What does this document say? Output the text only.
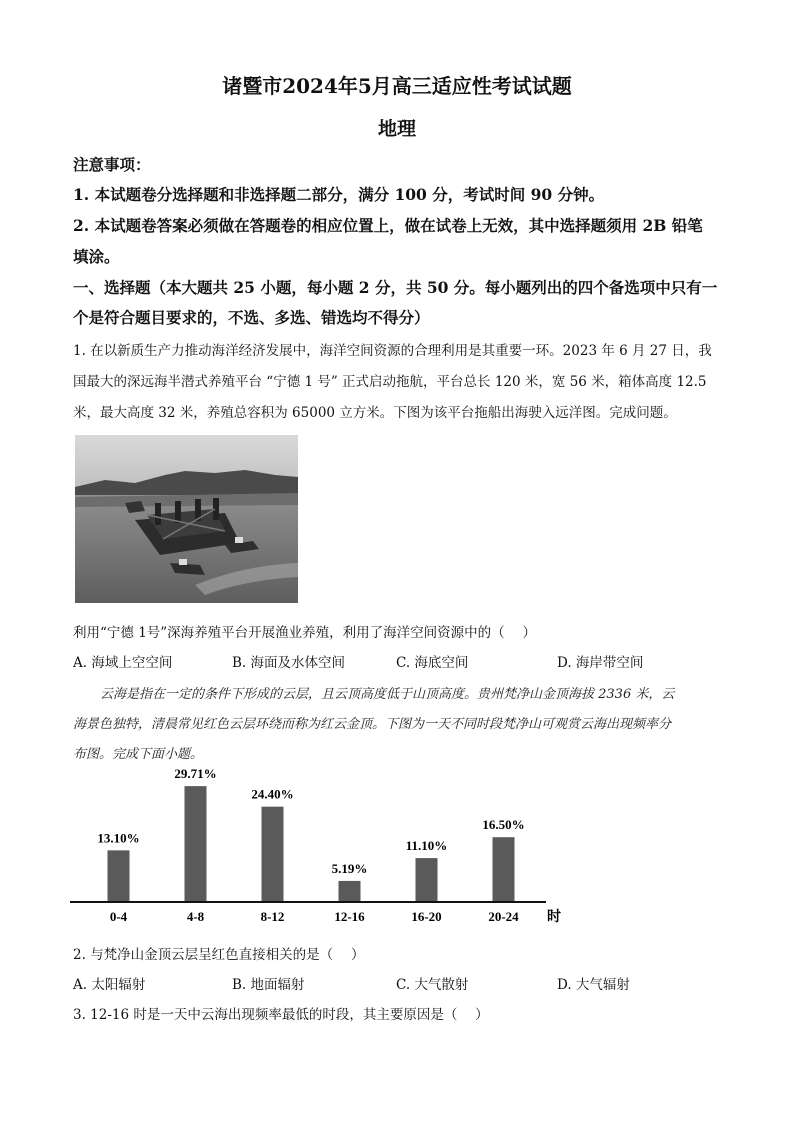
诸暨市2024年5月高三适应性考试试题
地理
注意事项：
1. 本试题卷分选择题和非选择题二部分，满分 100 分，考试时间 90 分钟。
2. 本试题卷答案必须做在答题卷的相应位置上，做在试卷上无效，其中选择题须用 2B 铅笔
填涂。
一、选择题（本大题共 25 小题，每小题 2 分，共 50 分。每小题列出的四个备选项中只有一
个是符合题目要求的，不选、多选、错选均不得分）
1. 在以新质生产力推动海洋经济发展中，海洋空间资源的合理利用是其重要一环。2023 年 6 月 27 日，我
国最大的深远海半潜式养殖平台 “宁德 1 号” 正式启动拖航，平台总长 120 米，宽 56 米，箱体高度 12.5
米，最大高度 32 米，养殖总容积为 65000 立方米。下图为该平台拖船出海驶入远洋图。完成问题。
利用“宁德 1号”深海养殖平台开展渔业养殖，利用了海洋空间资源中的（　 ）
A. 海域上空空间	B. 海面及水体空间	C. 海底空间	D. 海岸带空间
云海是指在一定的条件下形成的云层，且云顶高度低于山顶高度。贵州梵净山金顶海拔 2336 米，云
海景色独特，清晨常见红色云层环绕而称为红云金顶。下图为一天不同时段梵净山可观赏云海出现频率分
布图。完成下面小题。
13.10%
0-4
29.71%
4-8
24.40%
8-12
5.19%
12-16
11.10%
16-20
16.50%
20-24 时
2. 与梵净山金顶云层呈红色直接相关的是（　 ）
A. 太阳辐射	B. 地面辐射	C. 大气散射	D. 大气辐射
3. 12-16 时是一天中云海出现频率最低的时段，其主要原因是（　 ）
